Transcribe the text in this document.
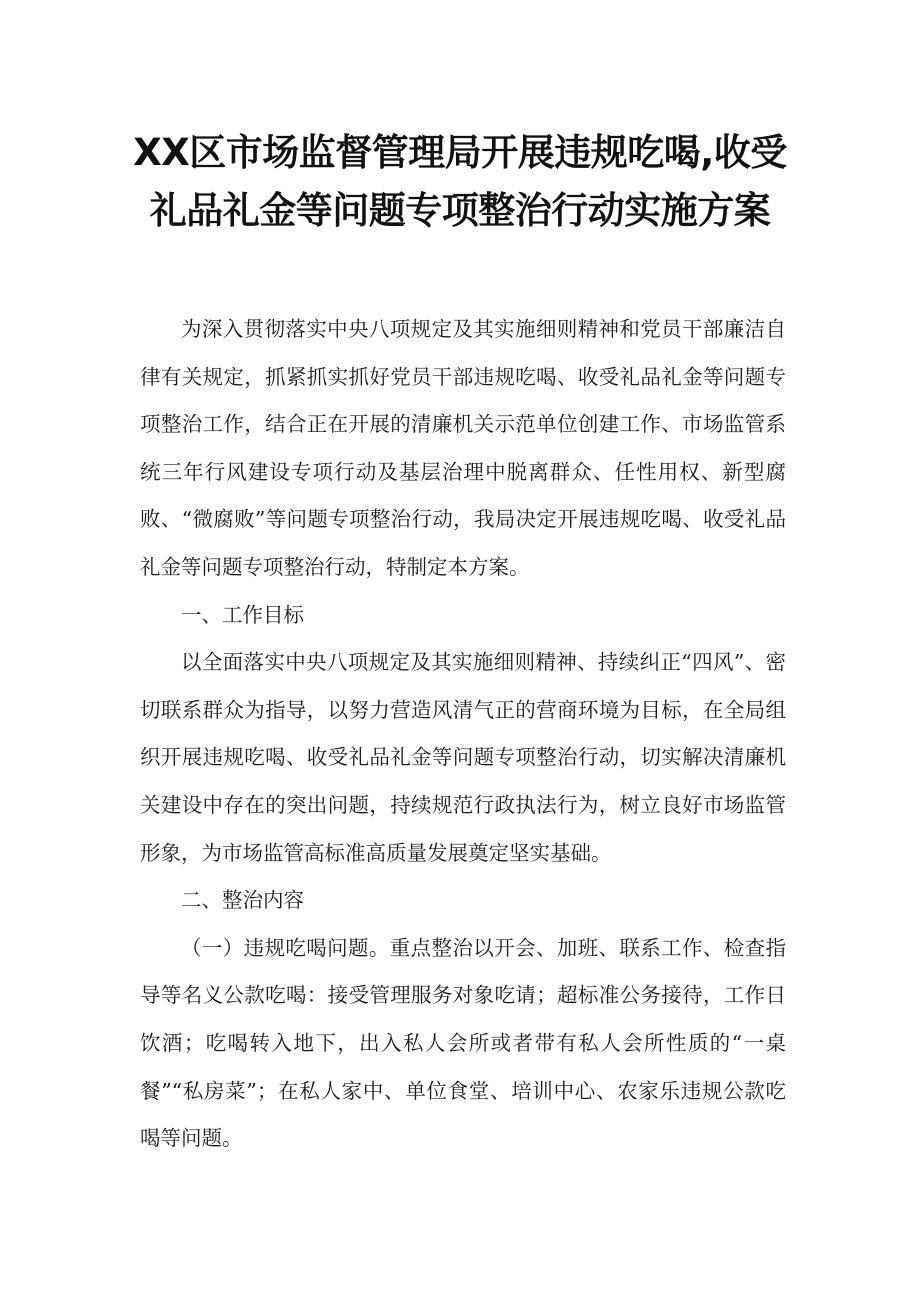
XX区市场监督管理局开展违规吃喝,收受
礼品礼金等问题专项整治行动实施方案

为深入贯彻落实中央八项规定及其实施细则精神和党员干部廉洁自律有关规定，抓紧抓实抓好党员干部违规吃喝、收受礼品礼金等问题专项整治工作，结合正在开展的清廉机关示范单位创建工作、市场监管系统三年行风建设专项行动及基层治理中脱离群众、任性用权、新型腐败、“微腐败”等问题专项整治行动，我局决定开展违规吃喝、收受礼品礼金等问题专项整治行动，特制定本方案。

一、工作目标

以全面落实中央八项规定及其实施细则精神、持续纠正“四风”、密切联系群众为指导，以努力营造风清气正的营商环境为目标，在全局组织开展违规吃喝、收受礼品礼金等问题专项整治行动，切实解决清廉机关建设中存在的突出问题，持续规范行政执法行为，树立良好市场监管形象，为市场监管高标准高质量发展奠定坚实基础。

二、整治内容

（一）违规吃喝问题。重点整治以开会、加班、联系工作、检查指导等名义公款吃喝：接受管理服务对象吃请；超标准公务接待，工作日饮酒；吃喝转入地下，出入私人会所或者带有私人会所性质的“一桌餐”“私房菜”；在私人家中、单位食堂、培训中心、农家乐违规公款吃喝等问题。
